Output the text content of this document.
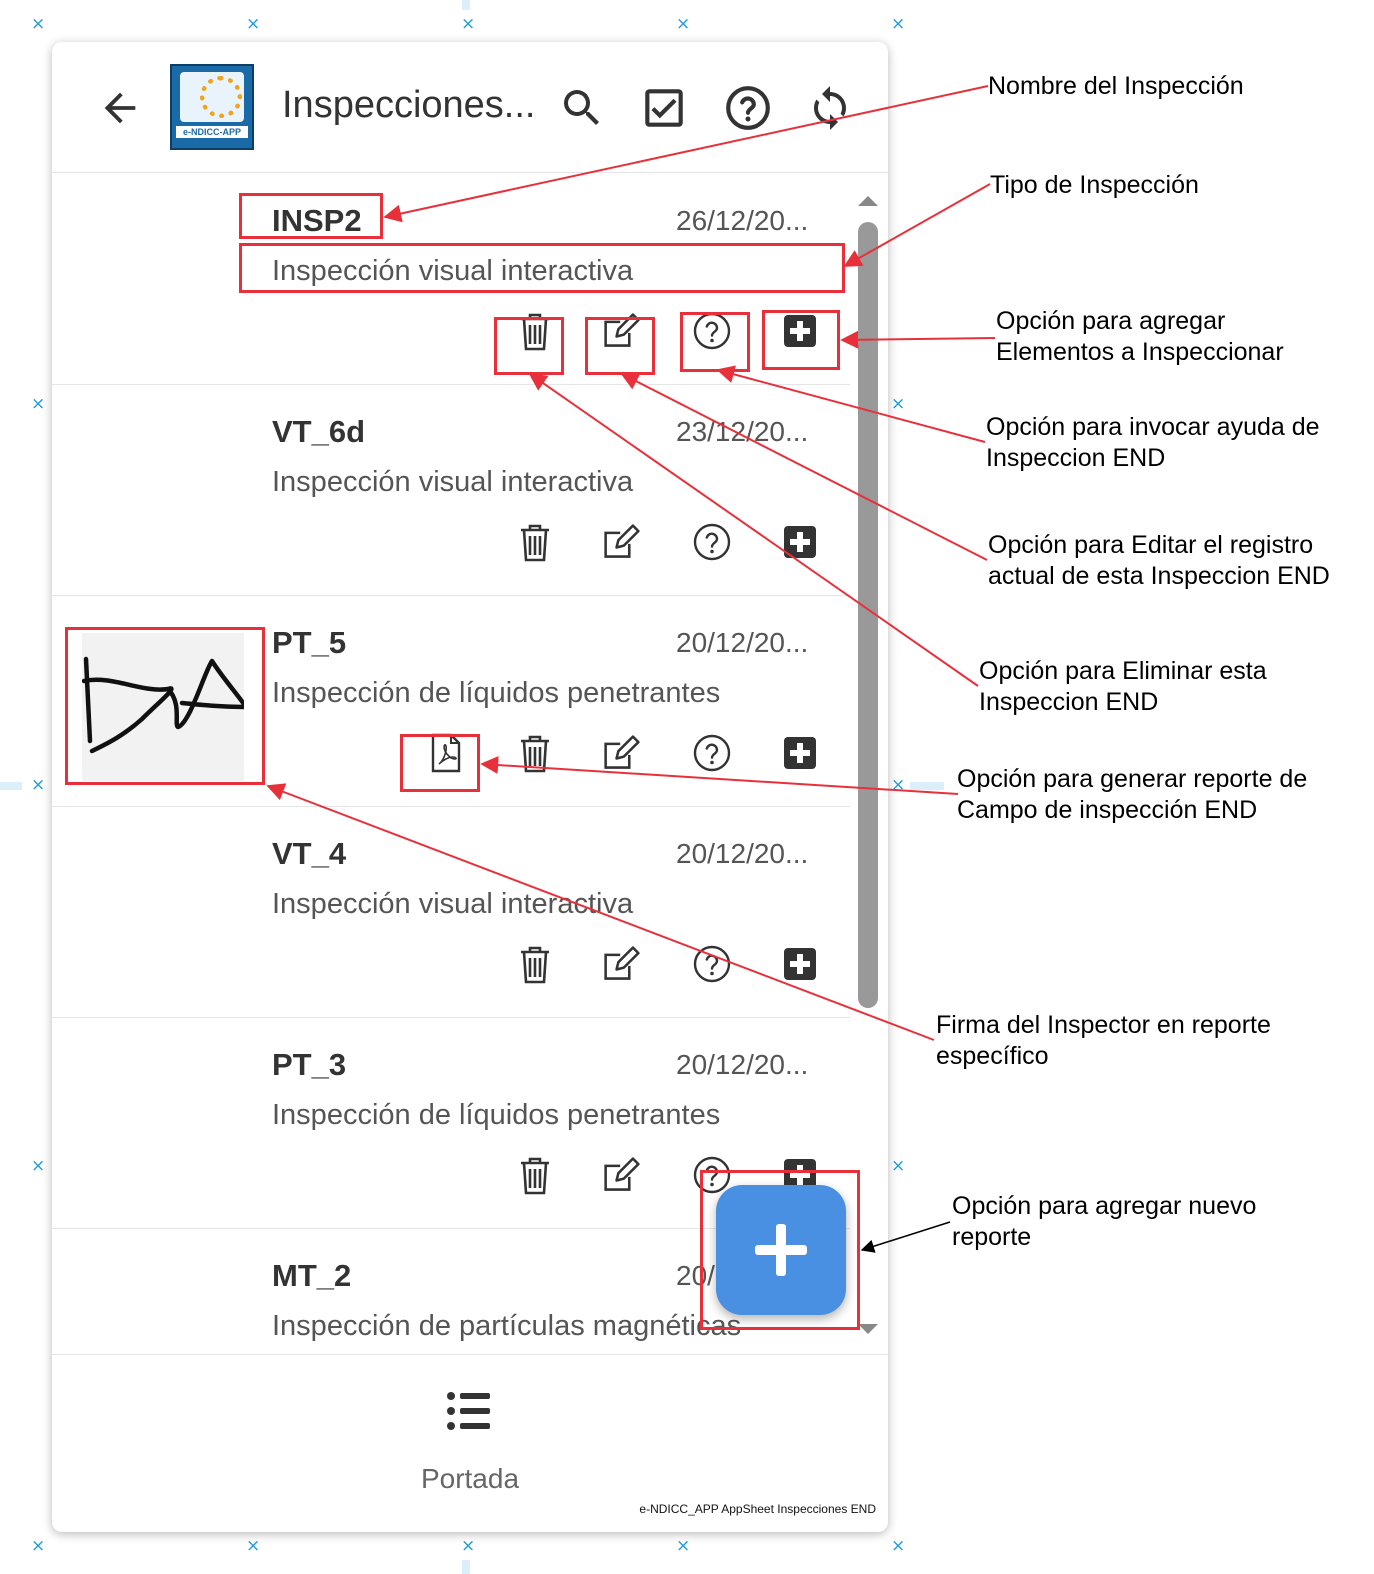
×	×	×	×	×
×	×
×	×
×	×
×	×	×	×	×
e-NDICC-APP
Inspecciones...
INSP2	26/12/20...
Inspección visual interactiva
VT_6d	23/12/20...
Inspección visual interactiva
PT_5	20/12/20...
Inspección de líquidos penetrantes
VT_4	20/12/20...
Inspección visual interactiva
PT_3	20/12/20...
Inspección de líquidos penetrantes
MT_2	20/
Inspección de partículas magnéticas
Portada
e-NDICC_APP AppSheet Inspecciones END
Nombre del Inspección
Tipo de Inspección
Opción para agregar
Elementos a Inspeccionar
Opción para invocar ayuda de
Inspeccion END
Opción para Editar el registro
actual de esta Inspeccion END
Opción para Eliminar esta
Inspeccion END
Opción para generar reporte de
Campo de inspección END
Firma del Inspector en reporte
específico
Opción para agregar nuevo
reporte
